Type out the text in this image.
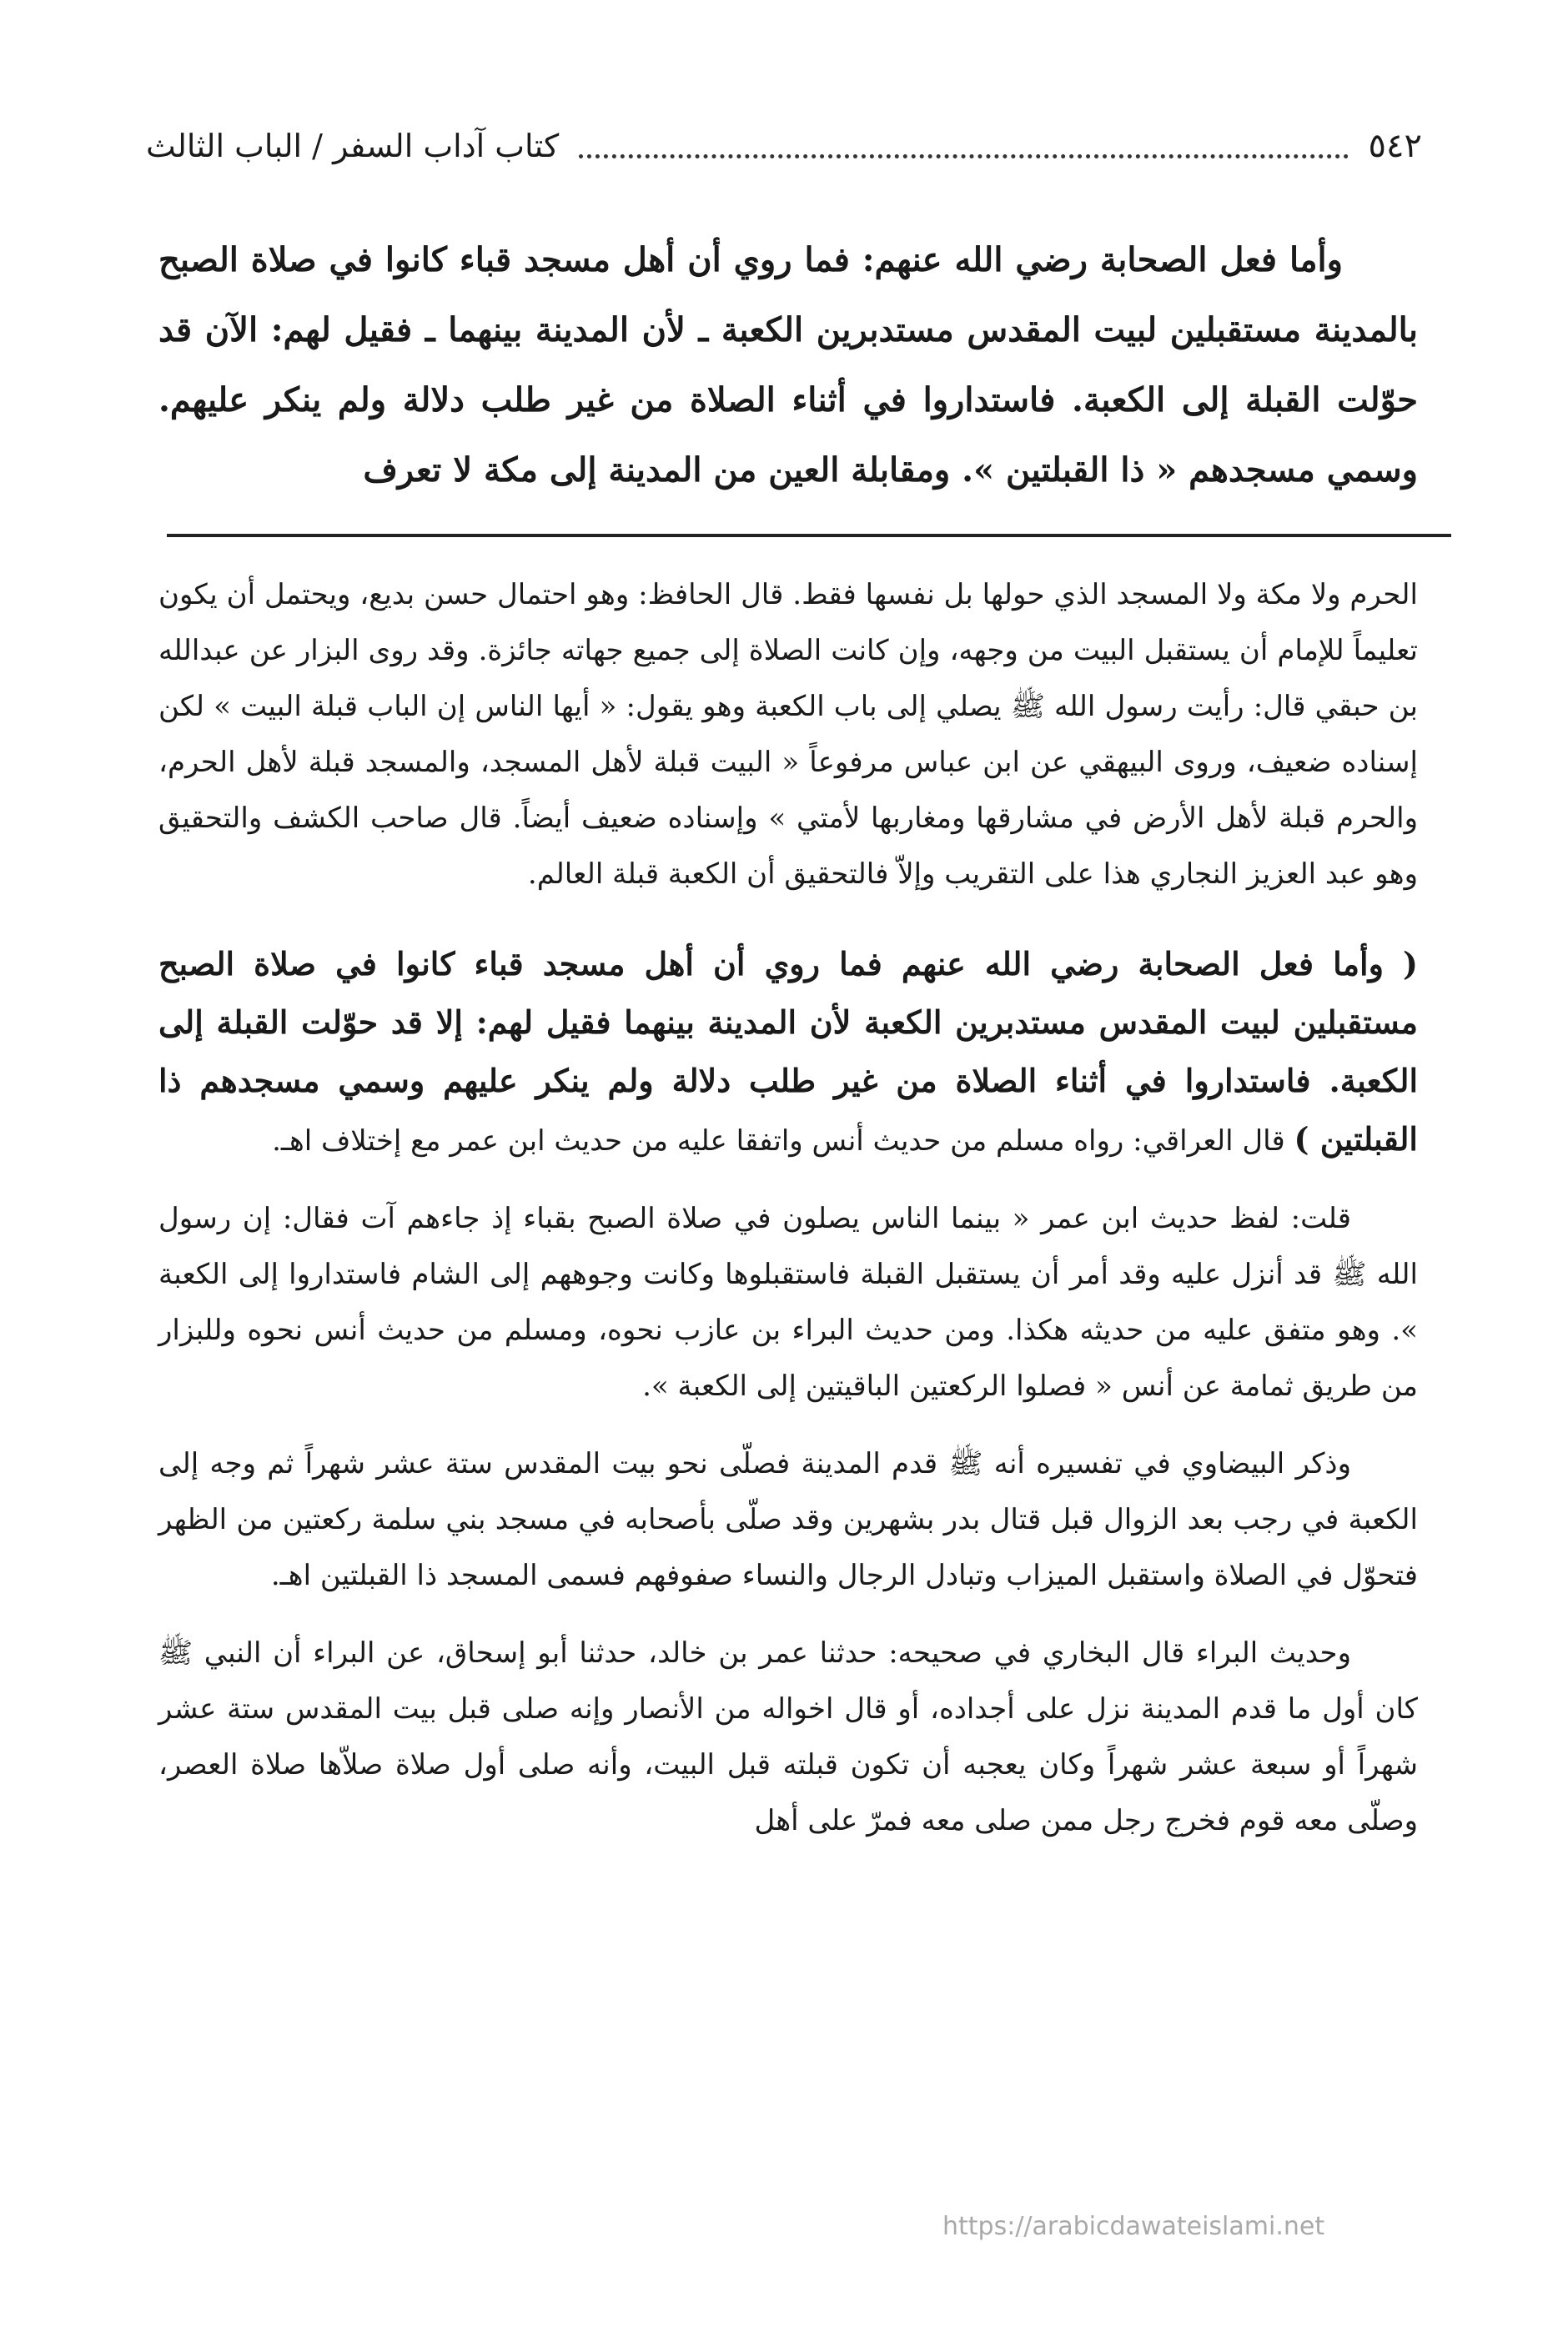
٥٤٢
كتاب آداب السفر / الباب الثالث

وأما فعل الصحابة رضي الله عنهم: فما روي أن أهل مسجد قباء كانوا في صلاة الصبح بالمدينة مستقبلين لبيت المقدس مستدبرين الكعبة ـ لأن المدينة بينهما ـ فقيل لهم: الآن قد حوّلت القبلة إلى الكعبة. فاستداروا في أثناء الصلاة من غير طلب دلالة ولم ينكر عليهم. وسمي مسجدهم « ذا القبلتين ». ومقابلة العين من المدينة إلى مكة لا تعرف

الحرم ولا مكة ولا المسجد الذي حولها بل نفسها فقط. قال الحافظ: وهو احتمال حسن بديع، ويحتمل أن يكون تعليماً للإمام أن يستقبل البيت من وجهه، وإن كانت الصلاة إلى جميع جهاته جائزة. وقد روى البزار عن عبدالله بن حبقي قال: رأيت رسول الله ﷺ يصلي إلى باب الكعبة وهو يقول: « أيها الناس إن الباب قبلة البيت » لكن إسناده ضعيف، وروى البيهقي عن ابن عباس مرفوعاً « البيت قبلة لأهل المسجد، والمسجد قبلة لأهل الحرم، والحرم قبلة لأهل الأرض في مشارقها ومغاربها لأمتي » وإسناده ضعيف أيضاً. قال صاحب الكشف والتحقيق وهو عبد العزيز النجاري هذا على التقريب وإلاّ فالتحقيق أن الكعبة قبلة العالم.

( وأما فعل الصحابة رضي الله عنهم فما روي أن أهل مسجد قباء كانوا في صلاة الصبح مستقبلين لبيت المقدس مستدبرين الكعبة لأن المدينة بينهما فقيل لهم: إلا قد حوّلت القبلة إلى الكعبة. فاستداروا في أثناء الصلاة من غير طلب دلالة ولم ينكر عليهم وسمي مسجدهم ذا القبلتين ) قال العراقي: رواه مسلم من حديث أنس واتفقا عليه من حديث ابن عمر مع إختلاف اهـ.

قلت: لفظ حديث ابن عمر « بينما الناس يصلون في صلاة الصبح بقباء إذ جاءهم آت فقال: إن رسول الله ﷺ قد أنزل عليه وقد أمر أن يستقبل القبلة فاستقبلوها وكانت وجوههم إلى الشام فاستداروا إلى الكعبة ». وهو متفق عليه من حديثه هكذا. ومن حديث البراء بن عازب نحوه، ومسلم من حديث أنس نحوه وللبزار من طريق ثمامة عن أنس « فصلوا الركعتين الباقيتين إلى الكعبة ».

وذكر البيضاوي في تفسيره أنه ﷺ قدم المدينة فصلّى نحو بيت المقدس ستة عشر شهراً ثم وجه إلى الكعبة في رجب بعد الزوال قبل قتال بدر بشهرين وقد صلّى بأصحابه في مسجد بني سلمة ركعتين من الظهر فتحوّل في الصلاة واستقبل الميزاب وتبادل الرجال والنساء صفوفهم فسمى المسجد ذا القبلتين اهـ.

وحديث البراء قال البخاري في صحيحه: حدثنا عمر بن خالد، حدثنا أبو إسحاق، عن البراء أن النبي ﷺ كان أول ما قدم المدينة نزل على أجداده، أو قال اخواله من الأنصار وإنه صلى قبل بيت المقدس ستة عشر شهراً أو سبعة عشر شهراً وكان يعجبه أن تكون قبلته قبل البيت، وأنه صلى أول صلاة صلاّها صلاة العصر، وصلّى معه قوم فخرج رجل ممن صلى معه فمرّ على أهل

https://arabicdawateislami.net
